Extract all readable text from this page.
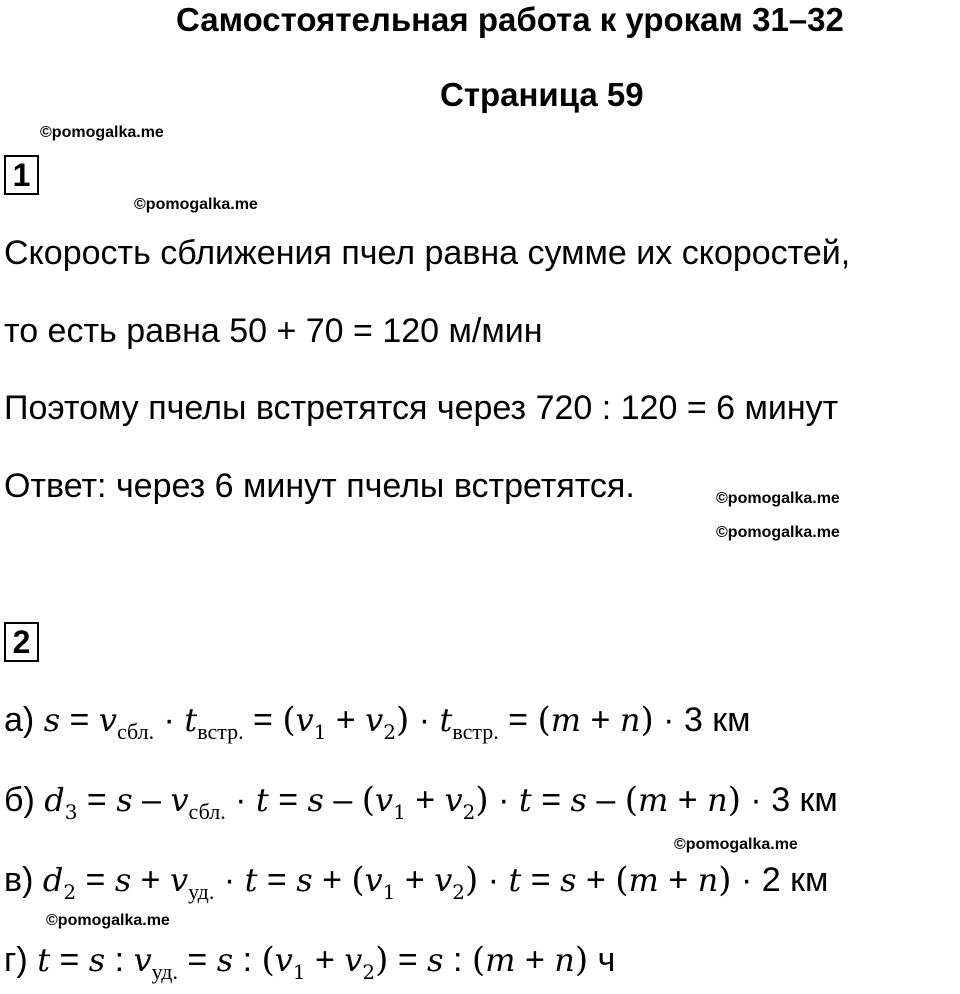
Самостоятельная работа к урокам 31–32
Страница 59
©pomogalka.me
©pomogalka.me
©pomogalka.me
©pomogalka.me
©pomogalka.me
©pomogalka.me
1
Скорость сближения пчел равна сумме их скоростей,
то есть равна 50 + 70 = 120 м/мин
Поэтому пчелы встретятся через 720 : 120 = 6 минут
Ответ: через 6 минут пчелы встретятся.
2
а) $s = v_{сбл.} \cdot t_{встр.} = (v_1 + v_2) \cdot t_{встр.} = (m + n) \cdot 3$ км
б) $d_3 = s - v_{сбл.} \cdot t = s - (v_1 + v_2) \cdot t = s - (m + n) \cdot 3$ км
в) $d_2 = s + v_{уд.} \cdot t = s + (v_1 + v_2) \cdot t = s + (m + n) \cdot 2$ км
г) t = s : $v_{уд.} = s$ : $(v_1 + v_2) = s$ : (m + n) ч
